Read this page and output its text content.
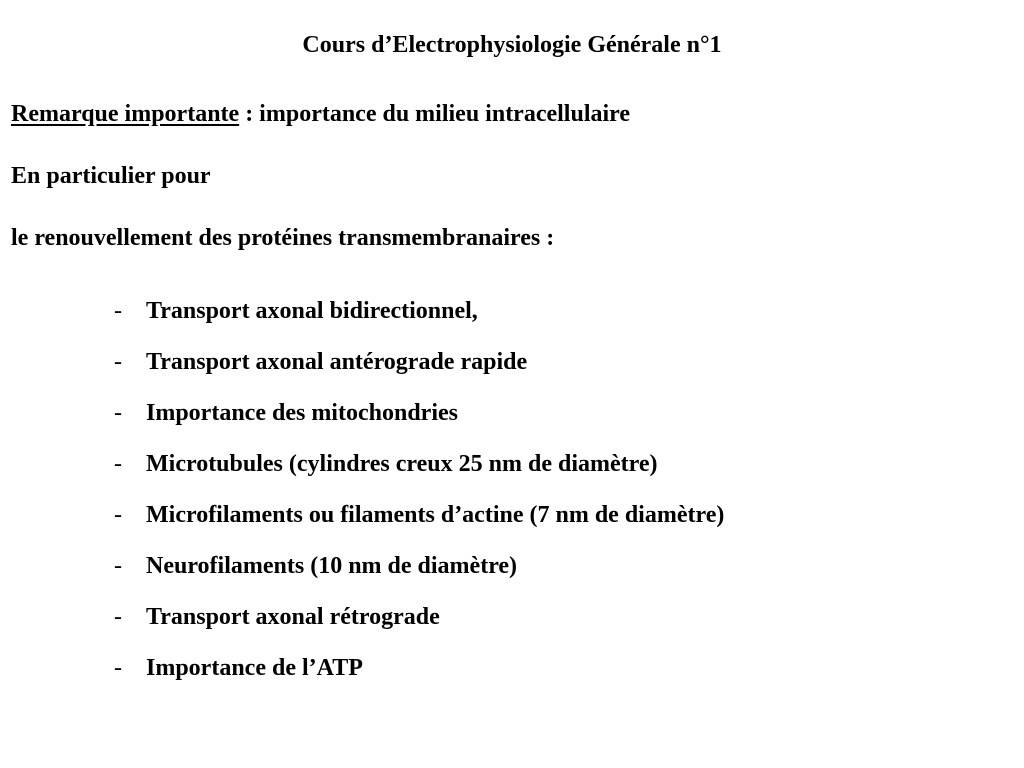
Cours d’Electrophysiologie Générale n°1
Remarque importante : importance du milieu intracellulaire
En particulier pour
le renouvellement des protéines transmembranaires :
- Transport axonal bidirectionnel,
- Transport axonal antérograde rapide
- Importance des mitochondries
- Microtubules (cylindres creux 25 nm de diamètre)
- Microfilaments ou filaments d’actine (7 nm de diamètre)
- Neurofilaments (10 nm de diamètre)
- Transport axonal rétrograde
- Importance de l’ATP
